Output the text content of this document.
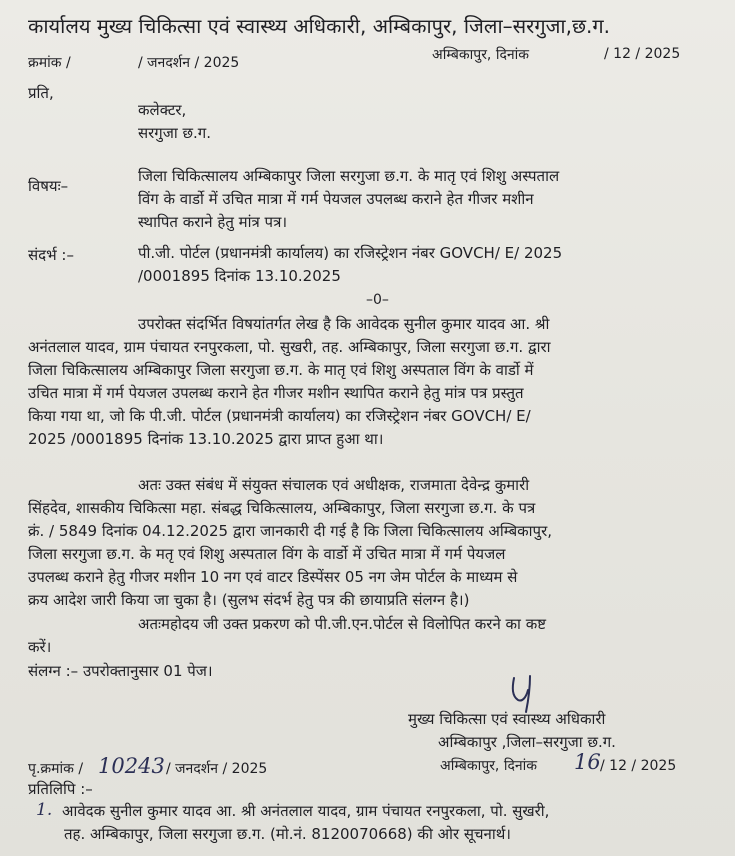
कार्यालय मुख्य चिकित्सा एवं स्वास्थ्य अधिकारी, अम्बिकापुर, जिला–सरगुजा,छ.ग.
क्रमांक /	/ जनदर्शन / 2025	अम्बिकापुर, दिनांक	/ 12 / 2025
प्रति,
कलेक्टर,
सरगुजा छ.ग.
विषयः–
जिला चिकित्सालय अम्बिकापुर जिला सरगुजा छ.ग. के मातृ एवं शिशु अस्पताल
विंग के वार्डो में उचित मात्रा में गर्म पेयजल उपलब्ध कराने हेत गीजर मशीन
स्थापित कराने हेतु मांत्र पत्र।
संदर्भ :–	पी.जी. पोर्टल (प्रधानमंत्री कार्यालय) का रजिस्ट्रेशन नंबर GOVCH/ E/ 2025
/0001895 दिनांक 13.10.2025
–0–
उपरोक्त संदर्भित विषयांतर्गत लेख है कि आवेदक सुनील कुमार यादव आ. श्री
अनंतलाल यादव, ग्राम पंचायत रनपुरकला, पो. सुखरी, तह. अम्बिकापुर, जिला सरगुजा छ.ग. द्वारा
जिला चिकित्सालय अम्बिकापुर जिला सरगुजा छ.ग. के मातृ एवं शिशु अस्पताल विंग के वार्डो में
उचित मात्रा में गर्म पेयजल उपलब्ध कराने हेत गीजर मशीन स्थापित कराने हेतु मांत्र पत्र प्रस्तुत
किया गया था, जो कि पी.जी. पोर्टल (प्रधानमंत्री कार्यालय) का रजिस्ट्रेशन नंबर GOVCH/ E/
2025 /0001895 दिनांक 13.10.2025 द्वारा प्राप्त हुआ था।
अतः उक्त संबंध में संयुक्त संचालक एवं अधीक्षक, राजमाता देवेन्द्र कुमारी
सिंहदेव, शासकीय चिकित्सा महा. संबद्ध चिकित्सालय, अम्बिकापुर, जिला सरगुजा छ.ग. के पत्र
क्रं. / 5849 दिनांक 04.12.2025 द्वारा जानकारी दी गई है कि जिला चिकित्सालय अम्बिकापुर,
जिला सरगुजा छ.ग. के मतृ एवं शिशु अस्पताल विंग के वार्डो में उचित मात्रा में गर्म पेयजल
उपलब्ध कराने हेतु गीजर मशीन 10 नग एवं वाटर डिस्पेंसर 05 नग जेम पोर्टल के माध्यम से
क्रय आदेश जारी किया जा चुका है। (सुलभ संदर्भ हेतु पत्र की छायाप्रति संलग्न है।)
अतःमहोदय जी उक्त प्रकरण को पी.जी.एन.पोर्टल से विलोपित करने का कष्ट
करें।
संलग्न :– उपरोक्तानुसार 01 पेज।
मुख्य चिकित्सा एवं स्वास्थ्य अधिकारी
अम्बिकापुर ,जिला–सरगुजा छ.ग.
पृ.क्रमांक / 10243 / जनदर्शन / 2025	अम्बिकापुर, दिनांक 16 / 12 / 2025
प्रतिलिपि :–
1. आवेदक सुनील कुमार यादव आ. श्री अनंतलाल यादव, ग्राम पंचायत रनपुरकला, पो. सुखरी,
तह. अम्बिकापुर, जिला सरगुजा छ.ग. (मो.नं. 8120070668) की ओर सूचनार्थ।
